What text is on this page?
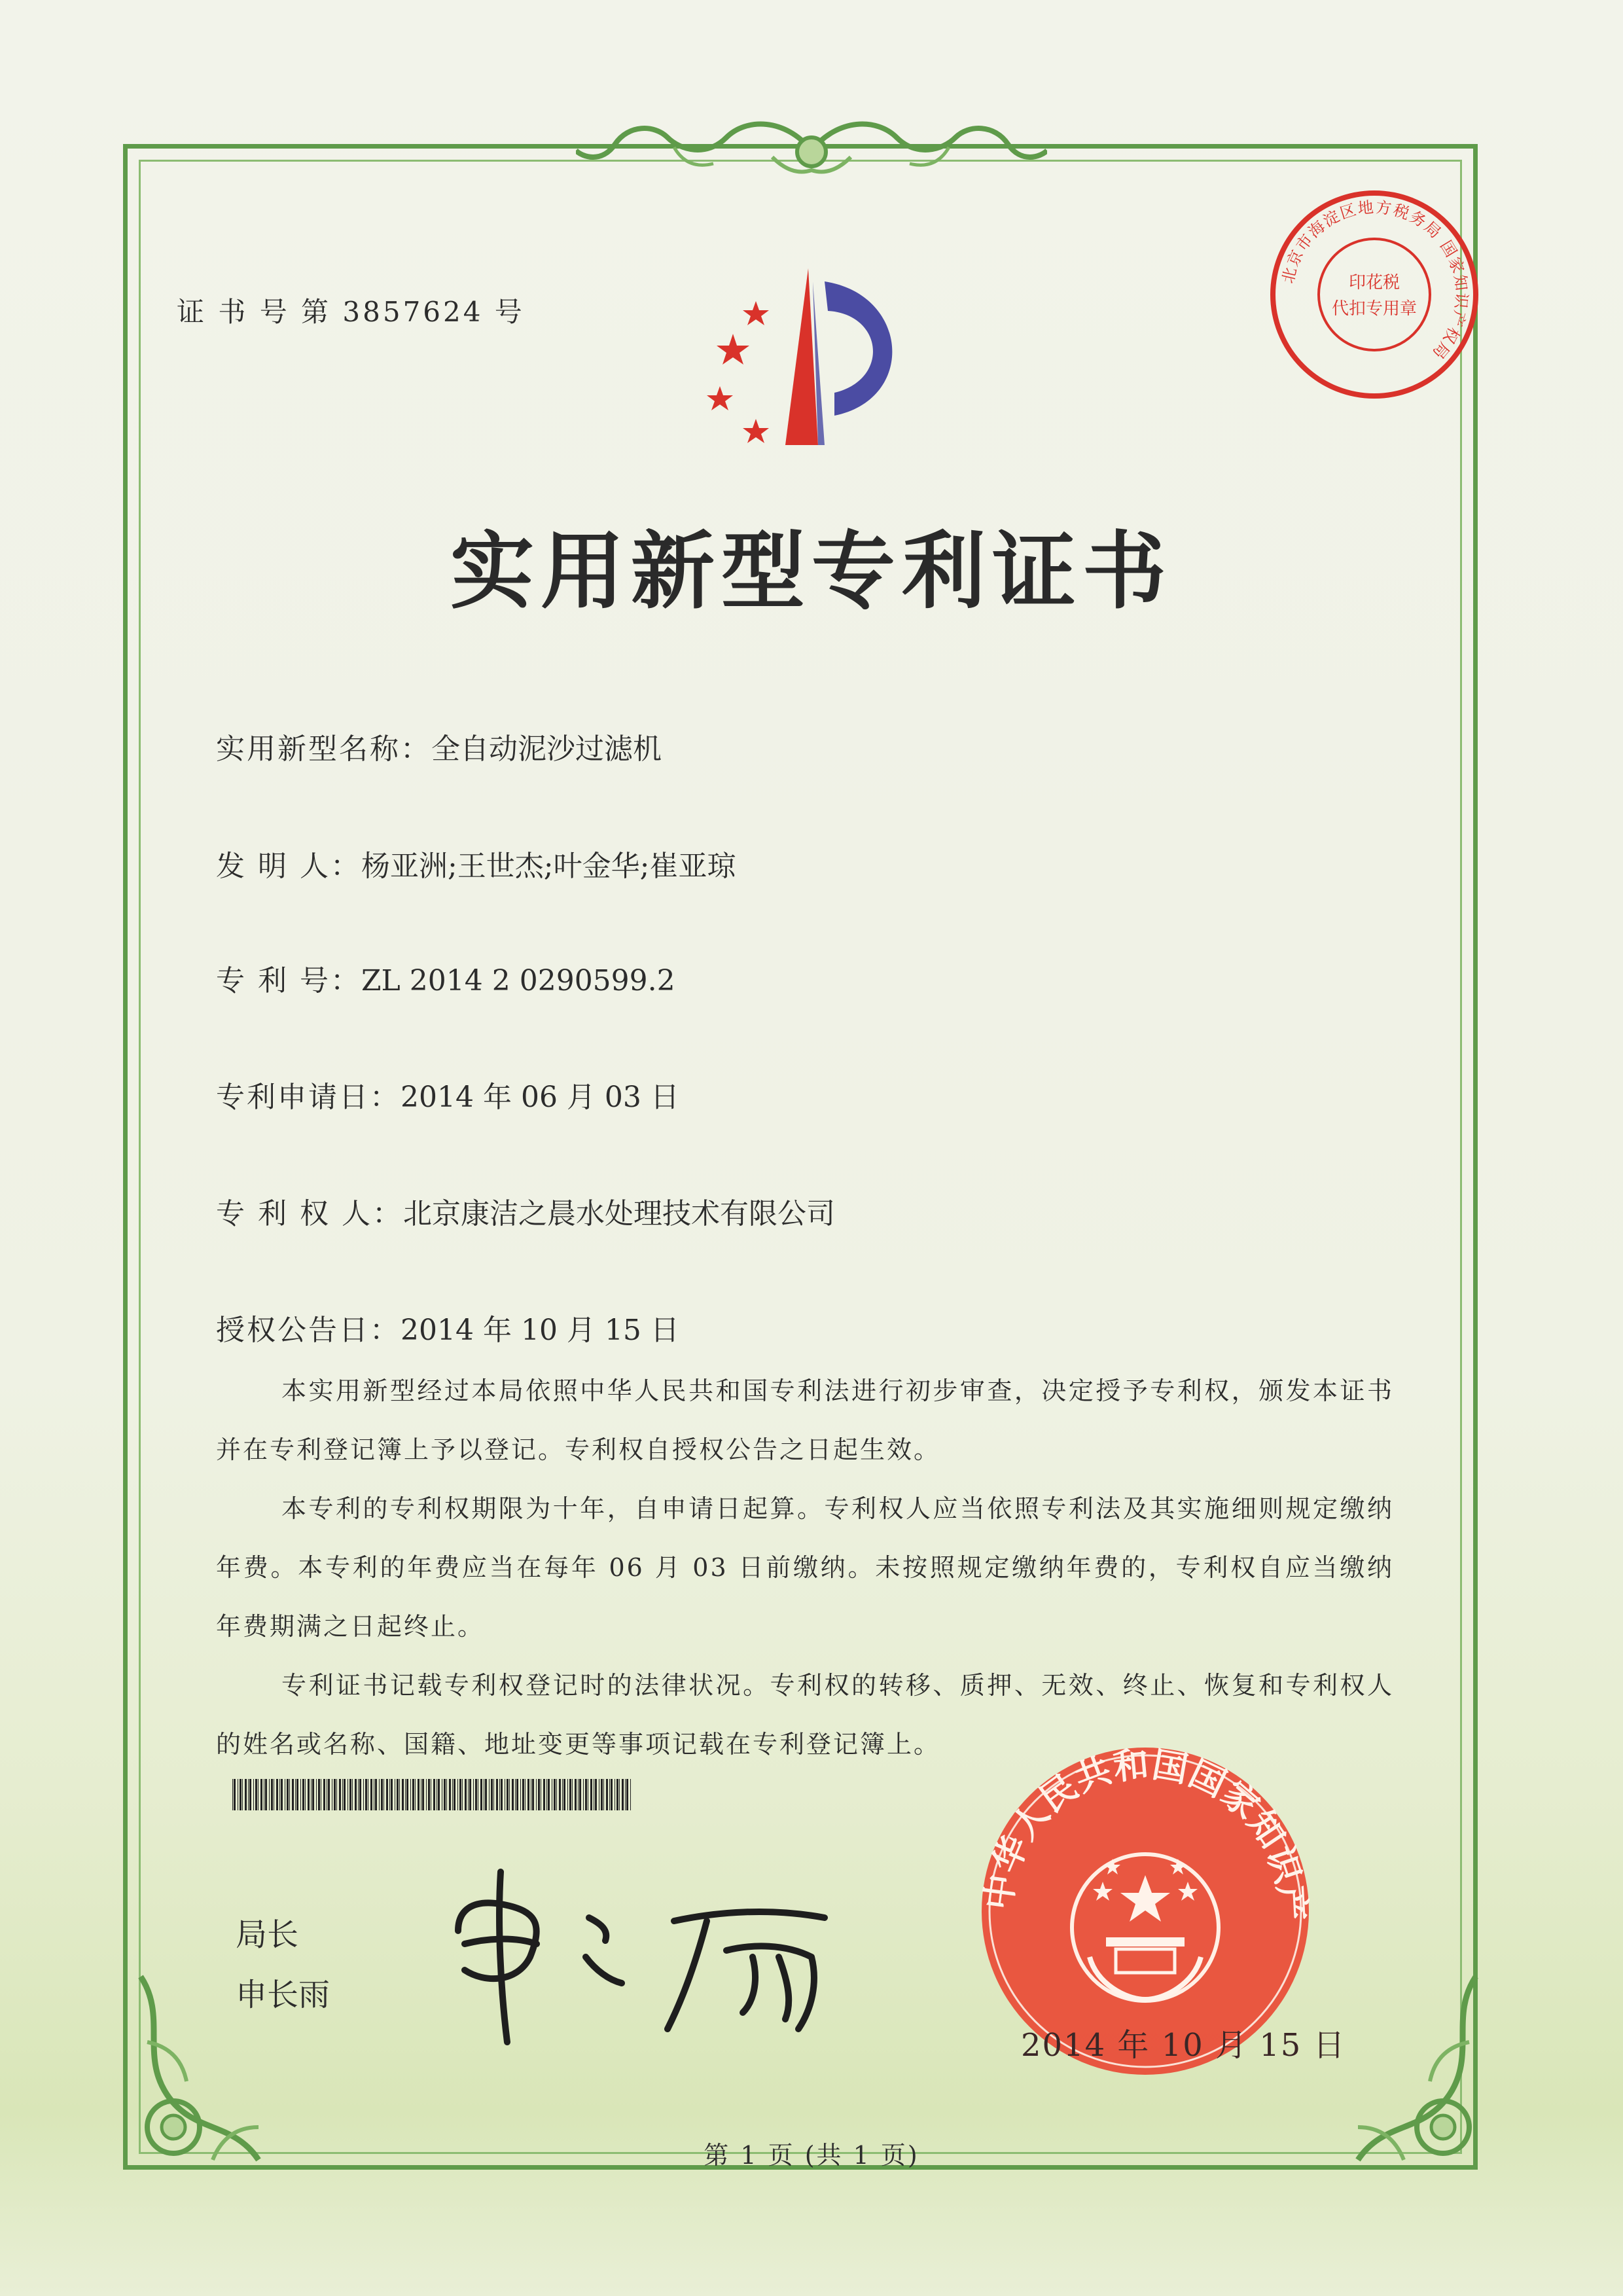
北京市海淀区地方税务局 国家知识产权局
印花税
代扣专用章
证 书 号 第 3857624 号
实用新型专利证书
实用新型名称：全自动泥沙过滤机
发 明 人：杨亚洲;王世杰;叶金华;崔亚琼
专 利 号：ZL 2014 2 0290599.2
专利申请日：2014 年 06 月 03 日
专 利 权 人：北京康洁之晨水处理技术有限公司
授权公告日：2014 年 10 月 15 日

本实用新型经过本局依照中华人民共和国专利法进行初步审查，决定授予专利权，颁发本证书并在专利登记簿上予以登记。专利权自授权公告之日起生效。

本专利的专利权期限为十年，自申请日起算。专利权人应当依照专利法及其实施细则规定缴纳年费。本专利的年费应当在每年 06 月 03 日前缴纳。未按照规定缴纳年费的，专利权自应当缴纳年费期满之日起终止。

专利证书记载专利权登记时的法律状况。专利权的转移、质押、无效、终止、恢复和专利权人的姓名或名称、国籍、地址变更等事项记载在专利登记簿上。

局长
申长雨
中华人民共和国国家知识产
2014 年 10 月 15 日
第 1 页 (共 1 页)
